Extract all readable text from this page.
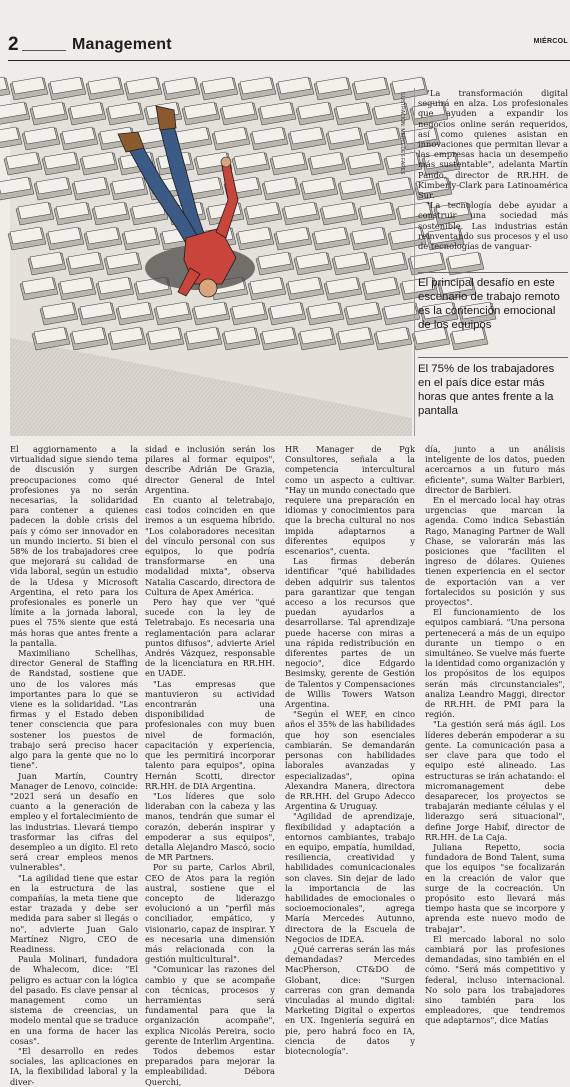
2	Management	MIÉRCOL
ILUSTRACIÓN: MERCEDES FARES	"La transformación digital seguirá en alza. Los profesionales que ayuden a expandir los negocios online serán requeridos, así como quienes asistan en innovaciones que permitan llevar a las empresas hacia un desempeño más sustentable", adelanta Martín Pando, director de RR.HH. de Kimberly-Clark para Latinoamérica Sur.

"La tecnología debe ayudar a construir una sociedad más sostenible. Las industrias están reinventando sus procesos y el uso de tecnologías de vanguar-

El principal desafío en este escenario de trabajo remoto es la contención emocional de los equipos
El 75% de los trabajadores en el país dice estar más horas que antes frente a la pantalla

El aggiornamento a la virtualidad sigue siendo tema de discusión y surgen preocupaciones como qué profesiones ya no serán necesarias, la solidaridad para contener a quienes padecen la doble crisis del país y cómo ser innovador en un mundo incierto. Si bien el 58% de los trabajadores cree que mejorará su calidad de vida laboral, según un estudio de la Udesa y Microsoft Argentina, el reto para los profesionales es ponerle un límite a la jornada laboral, pues el 75% siente que está más horas que antes frente a la pantalla.

Maximiliano Schellhas, director General de Staffing de Randstad, sostiene que uno de los valores más importantes para lo que se viene es la solidaridad. "Las firmas y el Estado deben tener consciencia que para sostener los puestos de trabajo será preciso hacer algo para la gente que no lo tiene".

Juan Martín, Country Manager de Lenovo, coincide: "2021 será un desafío en cuanto a la generación de empleo y el fortalecimiento de las industrias. Llevará tiempo trasformar las cifras del desempleo a un dígito. El reto será crear empleos menos vulnerables".

"La agilidad tiene que estar en la estructura de las compañías, la meta tiene que estar trazada y debe ser medida para saber si llegás o no", advierte Juan Galo Martínez Nigro, CEO de Readiness.

Paula Molinari, fundadora de Whalecom, dice: "El peligro es actuar con la lógica del pasado. Es clave pensar al management como un sistema de creencias, un modelo mental que se traduce en una forma de hacer las cosas".

"El desarrollo en redes sociales, las aplicaciones en IA, la flexibilidad laboral y la diver-

sidad e inclusión serán los pilares al formar equipos", describe Adrián De Grazia, director General de Intel Argentina.

En cuanto al teletrabajo, casi todos coinciden en que iremos a un esquema híbrido. "Los colaboradores necesitan del vínculo personal con sus equipos, lo que podría transformarse en una modalidad mixta", observa Natalia Cascardo, directora de Cultura de Apex América.

Pero hay que ver "qué sucede con la ley de Teletrabajo. Es necesaria una reglamentación para aclarar puntos difusos", advierte Ariel Andrés Vázquez, responsable de la licenciatura en RR.HH. en UADE.

"Las empresas que mantuvieron su actividad encontrarán una disponibilidad de profesionales con muy buen nivel de formación, capacitación y experiencia, que les permitirá incorporar talento para equipos", opina Hernán Scotti, director RR.HH. de DIA Argentina.

"Los líderes que solo lideraban con la cabeza y las manos, tendrán que sumar el corazón, deberán inspirar y empoderar a sus equipos", detalla Alejandro Mascó, socio de MR Partners.

Por su parte, Carlos Abril, CEO de Atos para la región austral, sostiene que el concepto de liderazgo evolucionó a un "perfil más conciliador, empático, y visionario, capaz de inspirar. Y es necesaria una dimensión más relacionada con la gestión multicultural".

"Comunicar las razones del cambio y que se acompañe con técnicas, procesos y herramientas será fundamental para que la organización acompañe", explica Nicolás Pereira, socio gerente de Interlim Argentina.

Todos debemos estar preparados para mejorar la empleabilidad. Débora Querchi,

HR Manager de Pgk Consultores, señala a la competencia intercultural como un aspecto a cultivar. "Hay un mundo conectado que requiere una preparación en idiomas y conocimientos para que la brecha cultural no nos impida adaptarnos a diferentes equipos y escenarios", cuenta.

Las firmas deberán identificar "qué habilidades deben adquirir sus talentos para garantizar que tengan acceso a los recursos que puedan ayudarlos a desarrollarse. Tal aprendizaje puede hacerse con miras a una rápida redistribución en diferentes partes de un negocio", dice Edgardo Besimsky, gerente de Gestión de Talentos y Compensaciones de Willis Towers Watson Argentina.

"Según el WEF, en cinco años el 35% de las habilidades que hoy son esenciales cambiarán. Se demandarán personas con habilidades laborales avanzadas y especializadas", opina Alexandra Manera, directora de RR.HH. del Grupo Adecco Argentina & Uruguay.

"Agilidad de aprendizaje, flexibilidad y adaptación a entornos cambiantes, trabajo en equipo, empatía, humildad, resiliencia, creatividad y habilidades comunicacionales son claves. Sin dejar de lado la importancia de las habilidades de emocionales o socioemocionales", agrega María Mercedes Autunno, directora de la Escuela de Negocios de IDEA.

¿Qué carreras serán las más demandadas? Mercedes MacPherson, CT&DO de Globant, dice: "Surgen carreras con gran demanda vinculadas al mundo digital: Marketing Digital o expertos en UX. Ingeniería seguirá en pie, pero habrá foco en IA, ciencia de datos y biotecnología".

día, junto a un análisis inteligente de los datos, pueden acercarnos a un futuro más eficiente", suma Walter Barbieri, director de Barbieri.

En el mercado local hay otras urgencias que marcan la agenda. Como indica Sebastián Rago, Managing Partner de Wall Chase, se valorarán más las posiciones que "faciliten el ingreso de dólares. Quienes tienen experiencia en el sector de exportación van a ver fortalecidos su posición y sus proyectos".

El funcionamiento de los equipos cambiará. "Una persona pertenecerá a más de un equipo durante un tiempo o en simultáneo. Se vuelve más fuerte la identidad como organización y los propósitos de los equipos serán más circunstanciales", analiza Leandro Maggi, director de RR.HH. de PMI para la región.

"La gestión será más ágil. Los líderes deberán empoderar a su gente. La comunicación pasa a ser clave para que todo el equipo esté alineado. Las estructuras se irán achatando: el micromanagement debe desaparecer, los proyectos se trabajarán mediante células y el liderazgo será situacional", define Jorge Habif, director de RR.HH. de La Caja.

Juliana Repetto, socia fundadora de Bond Talent, suma que los equipos "se focalizarán en la creación de valor que surge de la cocreación. Un propósito esto llevará más tiempo hasta que se incorpore y aprenda este nuevo modo de trabajar".

El mercado laboral no solo cambiará por las profesiones demandadas, sino también en el cómo. "Será más competitivo y federal, incluso internacional. No solo para los trabajadores sino también para los empleadores, que tendremos que adaptarnos", dice Matías
